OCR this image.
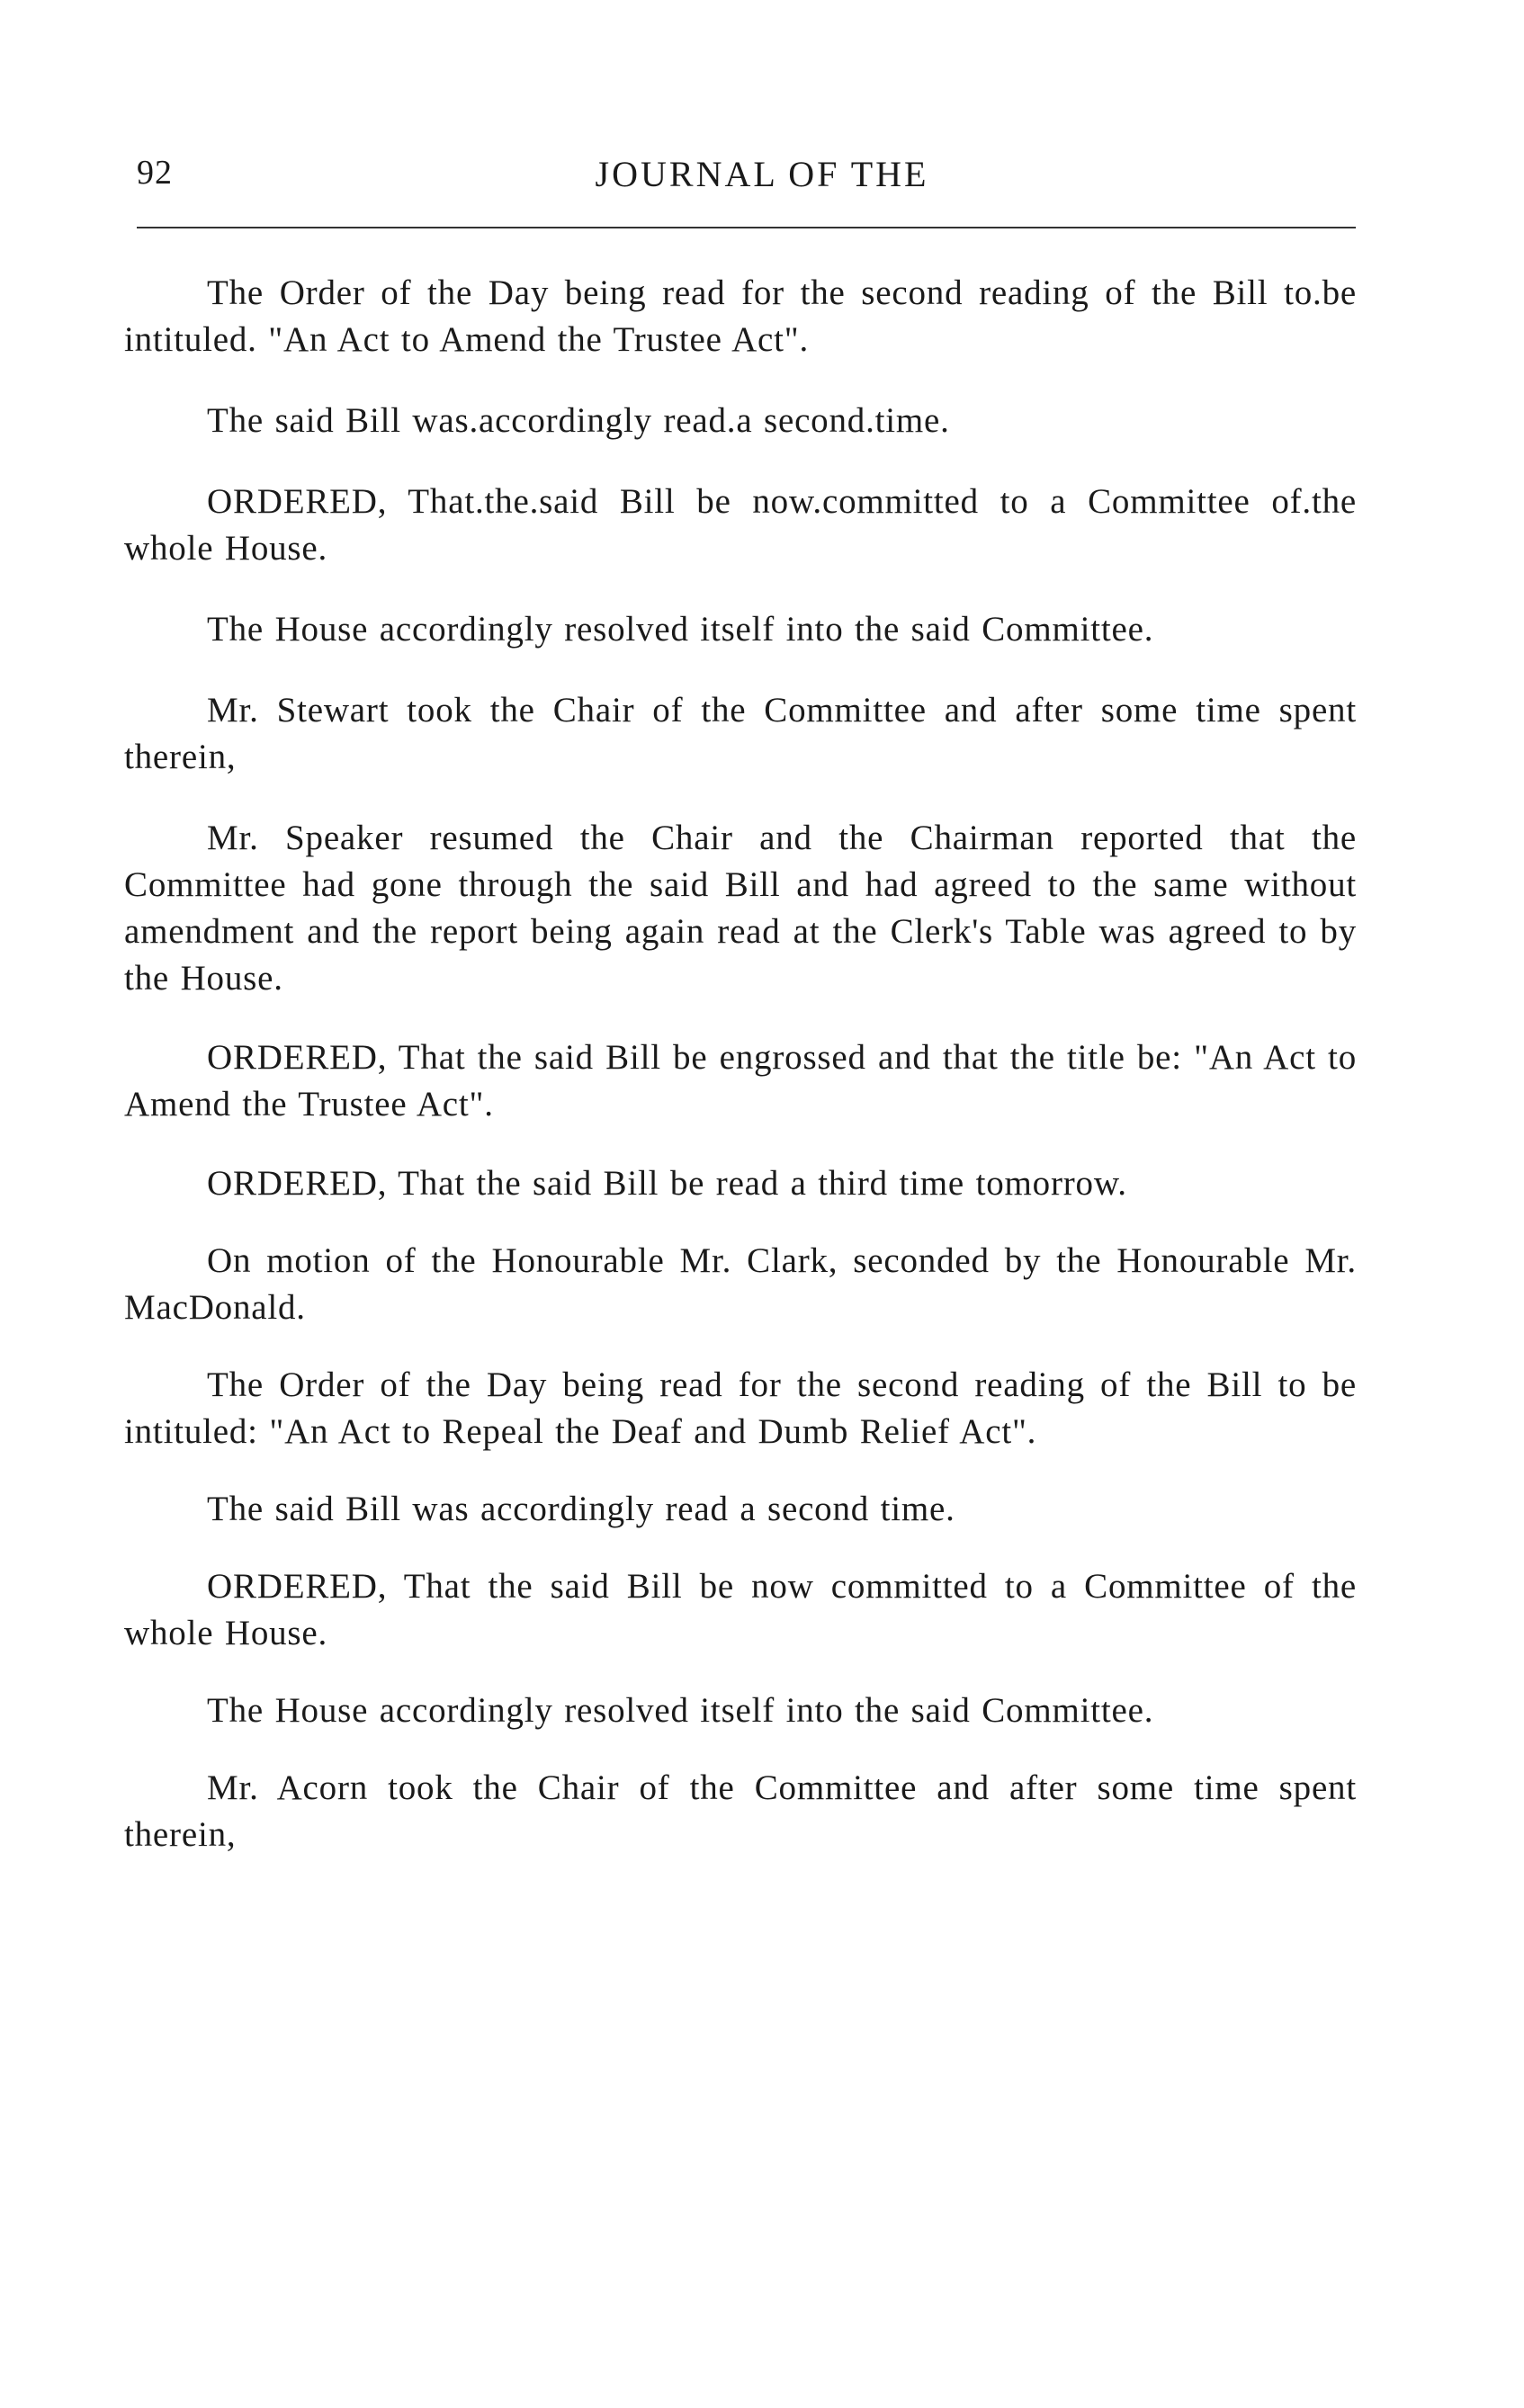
92	JOURNAL OF THE

The Order of the Day being read for the second reading of the Bill to.be intituled. "An Act to Amend the Trustee Act".

The said Bill was.accordingly read.a second.time.

ORDERED, That.the.said Bill be now.committed to a Committee of.the whole House.

The House accordingly resolved itself into the said Committee.

Mr. Stewart took the Chair of the Committee and after some time spent therein,

Mr. Speaker resumed the Chair and the Chairman reported that the Committee had gone through the said Bill and had agreed to the same without amendment and the report being again read at the Clerk's Table was agreed to by the House.

ORDERED, That the said Bill be engrossed and that the title be: "An Act to Amend the Trustee Act".

ORDERED, That the said Bill be read a third time tomorrow.

On motion of the Honourable Mr. Clark, seconded by the Honourable Mr. MacDonald.

The Order of the Day being read for the second reading of the Bill to be intituled: "An Act to Repeal the Deaf and Dumb Relief Act".

The said Bill was accordingly read a second time.

ORDERED, That the said Bill be now committed to a Committee of the whole House.

The House accordingly resolved itself into the said Committee.

Mr. Acorn took the Chair of the Committee and after some time spent therein,
